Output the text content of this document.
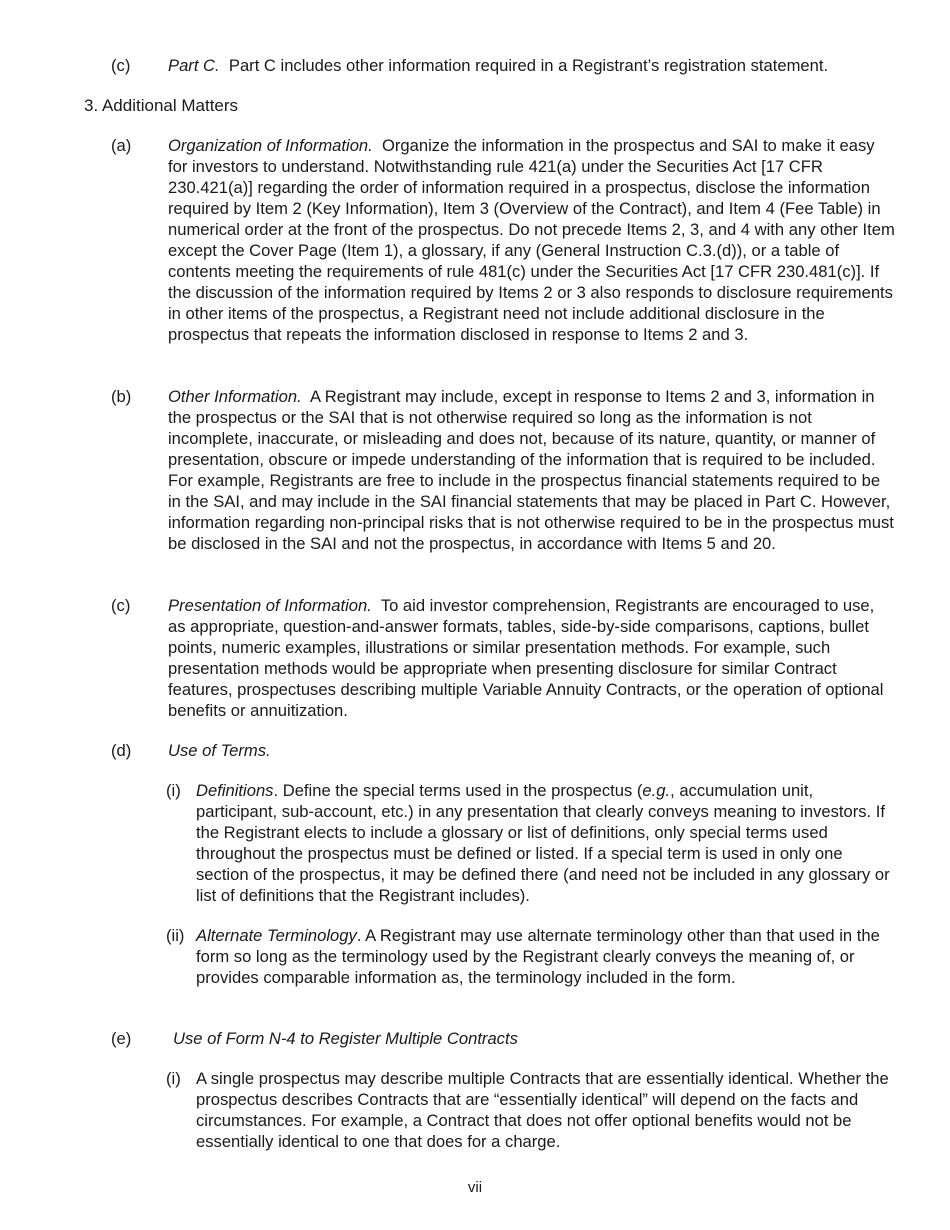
(c) Part C. Part C includes other information required in a Registrant’s registration statement.
3. Additional Matters
(a) Organization of Information. Organize the information in the prospectus and SAI to make it easy for investors to understand. Notwithstanding rule 421(a) under the Securities Act [17 CFR 230.421(a)] regarding the order of information required in a prospectus, disclose the information required by Item 2 (Key Information), Item 3 (Overview of the Contract), and Item 4 (Fee Table) in numerical order at the front of the prospectus. Do not precede Items 2, 3, and 4 with any other Item except the Cover Page (Item 1), a glossary, if any (General Instruction C.3.(d)), or a table of contents meeting the requirements of rule 481(c) under the Securities Act [17 CFR 230.481(c)]. If the discussion of the information required by Items 2 or 3 also responds to disclosure requirements in other items of the prospectus, a Registrant need not include additional disclosure in the prospectus that repeats the information disclosed in response to Items 2 and 3.
(b) Other Information. A Registrant may include, except in response to Items 2 and 3, information in the prospectus or the SAI that is not otherwise required so long as the information is not incomplete, inaccurate, or misleading and does not, because of its nature, quantity, or manner of presentation, obscure or impede understanding of the information that is required to be included. For example, Registrants are free to include in the prospectus financial statements required to be in the SAI, and may include in the SAI financial statements that may be placed in Part C. However, information regarding non-principal risks that is not otherwise required to be in the prospectus must be disclosed in the SAI and not the prospectus, in accordance with Items 5 and 20.
(c) Presentation of Information. To aid investor comprehension, Registrants are encouraged to use, as appropriate, question-and-answer formats, tables, side-by-side comparisons, captions, bullet points, numeric examples, illustrations or similar presentation methods. For example, such presentation methods would be appropriate when presenting disclosure for similar Contract features, prospectuses describing multiple Variable Annuity Contracts, or the operation of optional benefits or annuitization.
(d) Use of Terms.
(i) Definitions. Define the special terms used in the prospectus (e.g., accumulation unit, participant, sub-account, etc.) in any presentation that clearly conveys meaning to investors. If the Registrant elects to include a glossary or list of definitions, only special terms used throughout the prospectus must be defined or listed. If a special term is used in only one section of the prospectus, it may be defined there (and need not be included in any glossary or list of definitions that the Registrant includes).
(ii) Alternate Terminology. A Registrant may use alternate terminology other than that used in the form so long as the terminology used by the Registrant clearly conveys the meaning of, or provides comparable information as, the terminology included in the form.
(e)	Use of Form N-4 to Register Multiple Contracts
(i) A single prospectus may describe multiple Contracts that are essentially identical. Whether the prospectus describes Contracts that are “essentially identical” will depend on the facts and circumstances. For example, a Contract that does not offer optional benefits would not be essentially identical to one that does for a charge.
vii
